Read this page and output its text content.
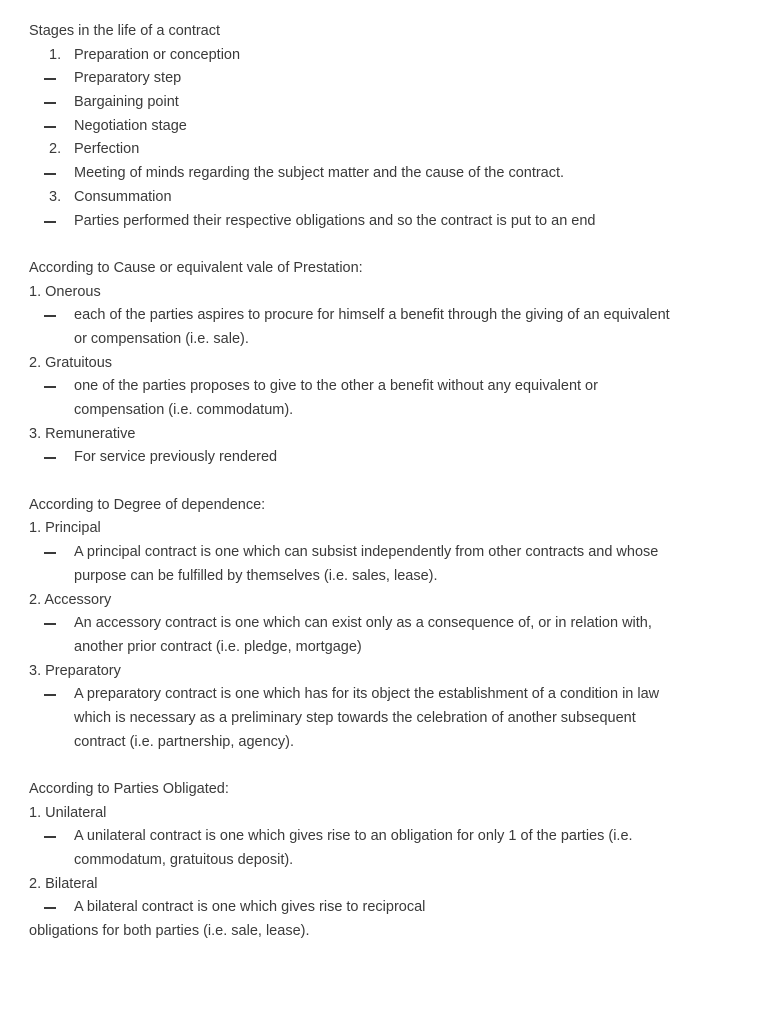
Stages in the life of a contract
1. Preparation or conception
Preparatory step
Bargaining point
Negotiation stage
2. Perfection
Meeting of minds regarding the subject matter and the cause of the contract.
3. Consummation
Parties performed their respective obligations and so the contract is put to an end
According to Cause or equivalent vale of Prestation:
1. Onerous
each of the parties aspires to procure for himself a benefit through the giving of an equivalent
or compensation (i.e. sale).
2. Gratuitous
one of the parties proposes to give to the other a benefit without any equivalent or
compensation (i.e. commodatum).
3. Remunerative
For service previously rendered
According to Degree of dependence:
1. Principal
A principal contract is one which can subsist independently from other contracts and whose
purpose can be fulfilled by themselves (i.e. sales, lease).
2. Accessory
An accessory contract is one which can exist only as a consequence of, or in relation with,
another prior contract (i.e. pledge, mortgage)
3. Preparatory
A preparatory contract is one which has for its object the establishment of a condition in law
which is necessary as a preliminary step towards the celebration of another subsequent
contract (i.e. partnership, agency).
According to Parties Obligated:
1. Unilateral
A unilateral contract is one which gives rise to an obligation for only 1 of the parties (i.e.
commodatum, gratuitous deposit).
2. Bilateral
A bilateral contract is one which gives rise to reciprocal
obligations for both parties (i.e. sale, lease).
